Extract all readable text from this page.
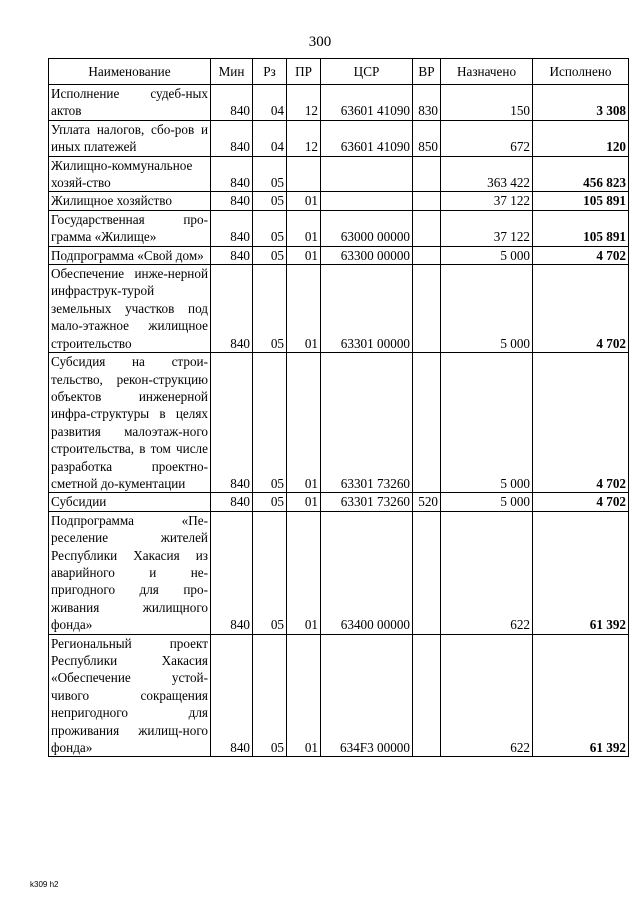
300
Наименование	Мин	Рз	ПР	ЦСР	ВР	Назначено	Исполнено
Исполнение судеб-ных актов	840	04	12	63601 41090	830	150	3 308
Уплата налогов, сбо-ров и иных платежей	840	04	12	63601 41090	850	672	120
Жилищно-коммунальное хозяй-ство	840	05				363 422	456 823
Жилищное хозяйство	840	05	01			37 122	105 891
Государственная про-грамма «Жилище»	840	05	01	63000 00000		37 122	105 891
Подпрограмма «Свой дом»	840	05	01	63300 00000		5 000	4 702
Обеспечение инже-нерной инфраструк-турой земельных участков под мало-этажное жилищное строительство	840	05	01	63301 00000		5 000	4 702
Субсидия на строи-тельство, рекон-струкцию объектов инженерной инфра-структуры в целях развития малоэтаж-ного строительства, в том числе разработка проектно-сметной до-кументации	840	05	01	63301 73260		5 000	4 702
Субсидии	840	05	01	63301 73260	520	5 000	4 702
Подпрограмма «Пе-реселение жителей Республики Хакасия из аварийного и не-пригодного для про-живания жилищного фонда»	840	05	01	63400 00000		622	61 392
Региональный проект Республики Хакасия «Обеспечение устой-чивого сокращения непригодного для проживания жилищ-ного фонда»	840	05	01	634F3 00000		622	61 392
k309 h2
